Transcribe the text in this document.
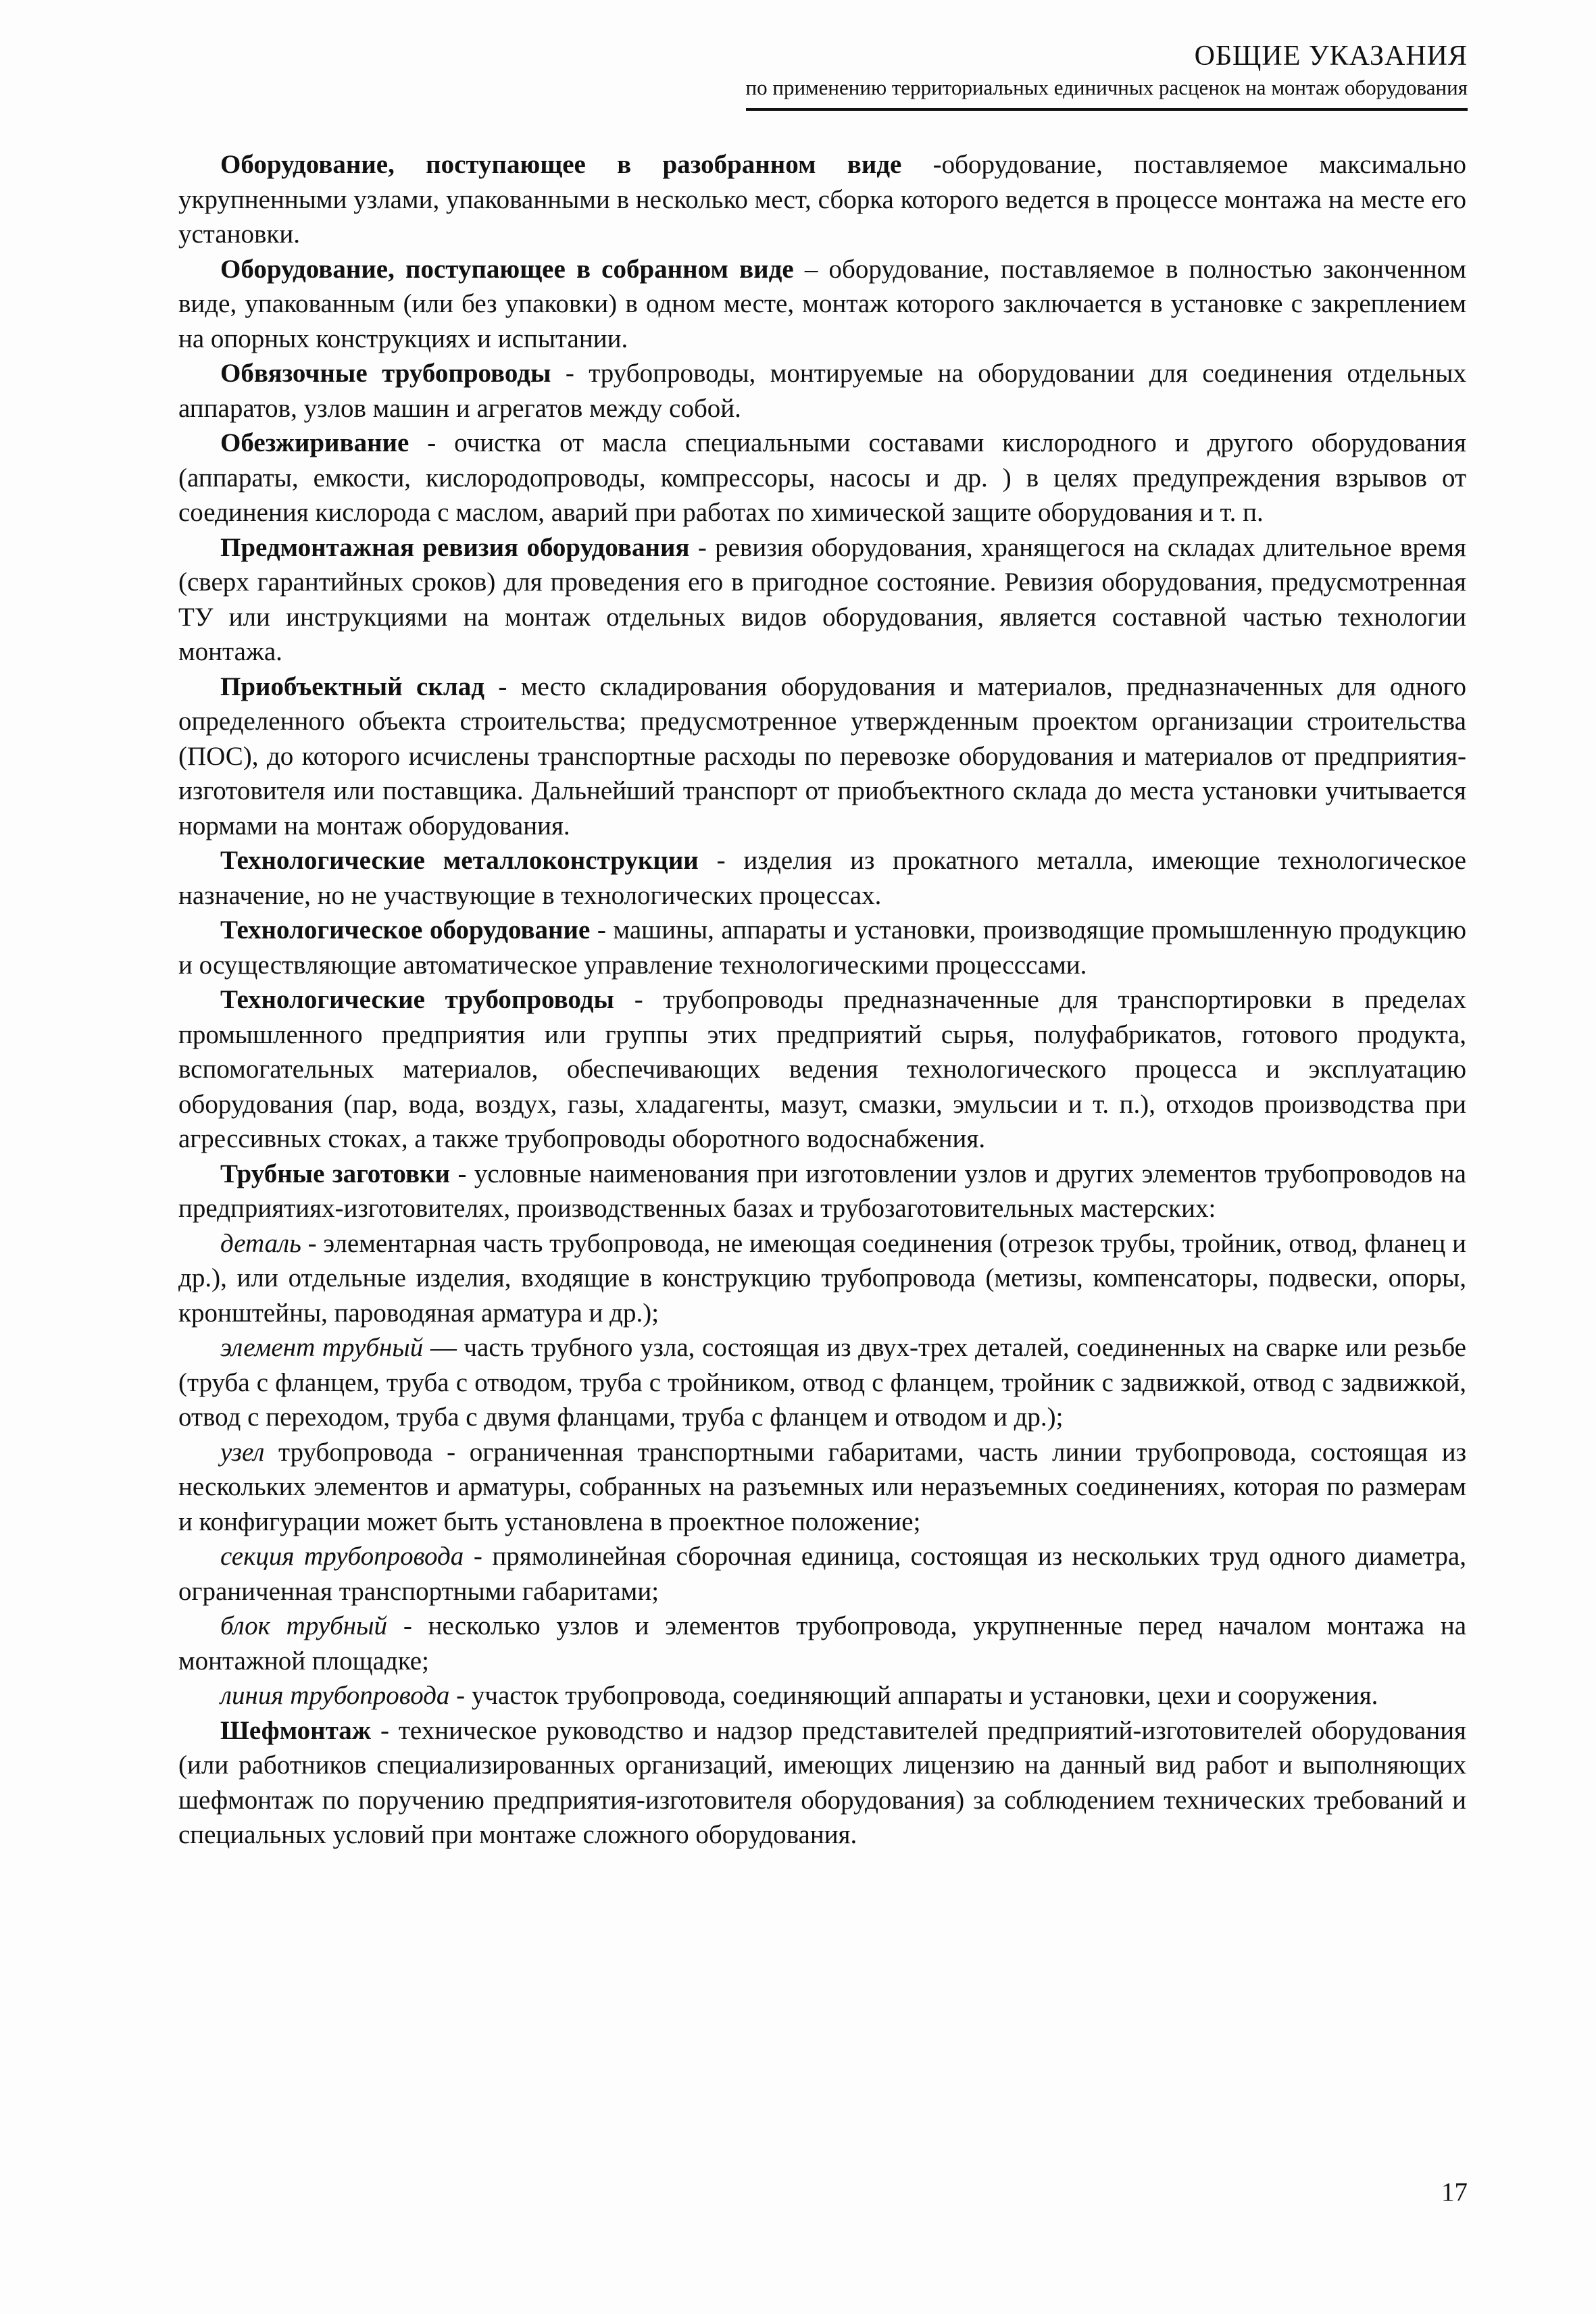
ОБЩИЕ УКАЗАНИЯ
по применению территориальных единичных расценок на монтаж оборудования

Оборудование, поступающее в разобранном виде -оборудование, поставляемое максимально укрупненными узлами, упакованными в несколько мест, сборка которого ведется в процессе монтажа на месте его установки.

Оборудование, поступающее в собранном виде – оборудование, поставляемое в полностью законченном виде, упакованным (или без упаковки) в одном месте, монтаж которого заключается в установке с закреплением на опорных конструкциях и испытании.

Обвязочные трубопроводы - трубопроводы, монтируемые на оборудовании для соединения отдельных аппаратов, узлов машин и агрегатов между собой.

Обезжиривание - очистка от масла специальными составами кислородного и другого оборудования (аппараты, емкости, кислородопроводы, компрессоры, насосы и др. ) в целях предупреждения взрывов от соединения кислорода с маслом, аварий при работах по химической защите оборудования и т. п.

Предмонтажная ревизия оборудования - ревизия оборудования, хранящегося на складах длительное время (сверх гарантийных сроков) для проведения его в пригодное состояние. Ревизия оборудования, предусмотренная ТУ или инструкциями на монтаж отдельных видов оборудования, является составной частью технологии монтажа.

Приобъектный склад - место складирования оборудования и материалов, предназначенных для одного определенного объекта строительства; предусмотренное утвержденным проектом организации строительства (ПОС), до которого исчислены транспортные расходы по перевозке оборудования и материалов от предприятия-изготовителя или поставщика. Дальнейший транспорт от приобъектного склада до места установки учитывается нормами на монтаж оборудования.

Технологические металлоконструкции - изделия из прокатного металла, имеющие технологическое назначение, но не участвующие в технологических процессах.

Технологическое оборудование - машины, аппараты и установки, производящие промышленную продукцию и осуществляющие автоматическое управление технологическими процесссами.

Технологические трубопроводы - трубопроводы предназначенные для транспортировки в пределах промышленного предприятия или группы этих предприятий сырья, полуфабрикатов, готового продукта, вспомогательных материалов, обеспечивающих ведения технологического процесса и эксплуатацию оборудования (пар, вода, воздух, газы, хладагенты, мазут, смазки, эмульсии и т. п.), отходов производства при агрессивных стоках, а также трубопроводы оборотного водоснабжения.

Трубные заготовки - условные наименования при изготовлении узлов и других элементов трубопроводов на предприятиях-изготовителях, производственных базах и трубозаготовительных мастерских:

деталь - элементарная часть трубопровода, не имеющая соединения (отрезок трубы, тройник, отвод, фланец и др.), или отдельные изделия, входящие в конструкцию трубопровода (метизы, компенсаторы, подвески, опоры, кронштейны, пароводяная арматура и др.);

элемент трубный — часть трубного узла, состоящая из двух-трех деталей, соединенных на сварке или резьбе (труба с фланцем, труба с отводом, труба с тройником, отвод с фланцем, тройник с задвижкой, отвод с задвижкой, отвод с переходом, труба с двумя фланцами, труба с фланцем и отводом и др.);

узел трубопровода - ограниченная транспортными габаритами, часть линии трубопровода, состоящая из нескольких элементов и арматуры, собранных на разъемных или неразъемных соединениях, которая по размерам и конфигурации может быть установлена в проектное положение;

секция трубопровода - прямолинейная сборочная единица, состоящая из нескольких труд одного диаметра, ограниченная транспортными габаритами;

блок трубный - несколько узлов и элементов трубопровода, укрупненные перед началом монтажа на монтажной площадке;

линия трубопровода - участок трубопровода, соединяющий аппараты и установки, цехи и сооружения.

Шефмонтаж - техническое руководство и надзор представителей предприятий-изготовителей оборудования (или работников специализированных организаций, имеющих лицензию на данный вид работ и выполняющих шефмонтаж по поручению предприятия-изготовителя оборудования) за соблюдением технических требований и специальных условий при монтаже сложного оборудования.

17
